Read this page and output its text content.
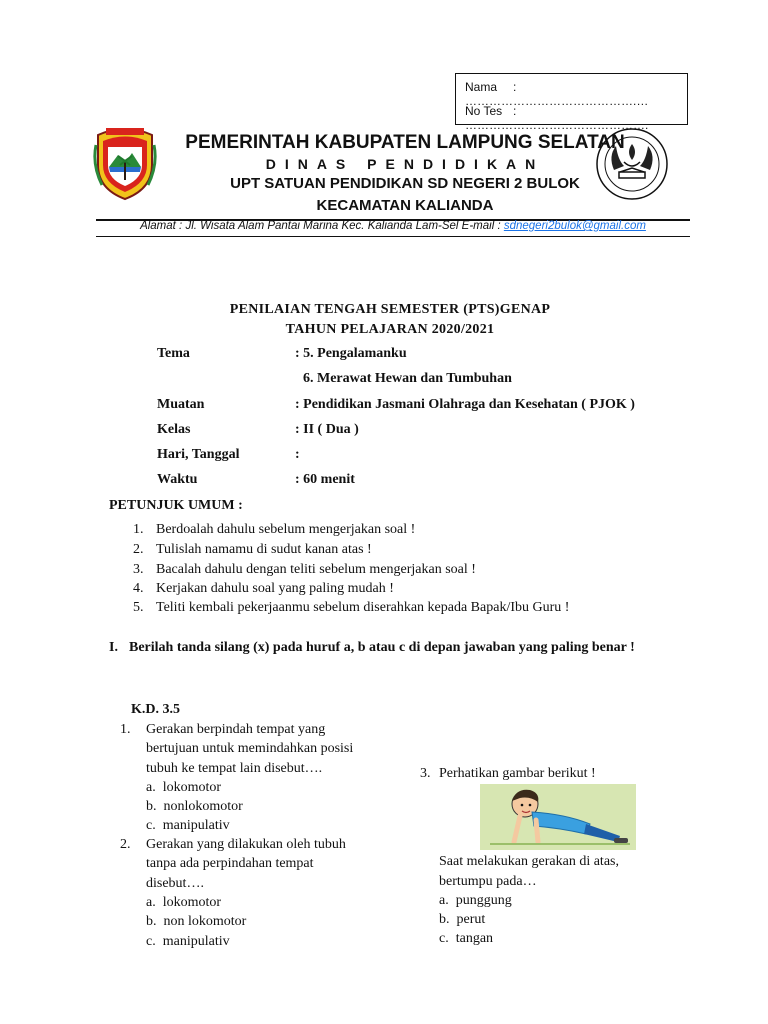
Nama : …………………………………….…
No Tes : ……………………………………….
PEMERINTAH KABUPATEN LAMPUNG SELATAN
DINAS PENDIDIKAN
UPT SATUAN PENDIDIKAN SD NEGERI 2 BULOK
KECAMATAN KALIANDA
Alamat : Jl. Wisata Alam Pantai Marina Kec. Kalianda Lam-Sel E-mail : sdnegeri2bulok@gmail.com
PENILAIAN TENGAH SEMESTER (PTS)GENAP
TAHUN PELAJARAN 2020/2021
Tema	: 5. Pengalamanku
6. Merawat Hewan dan Tumbuhan
Muatan	: Pendidikan Jasmani Olahraga dan Kesehatan ( PJOK )
Kelas	: II ( Dua )
Hari, Tanggal	:
Waktu	: 60 menit
PETUNJUK UMUM :
1. Berdoalah dahulu sebelum mengerjakan soal !
2. Tulislah namamu di sudut kanan atas !
3. Bacalah dahulu dengan teliti sebelum mengerjakan soal !
4. Kerjakan dahulu soal yang paling mudah !
5. Teliti kembali pekerjaanmu sebelum diserahkan kepada Bapak/Ibu Guru !
I. Berilah tanda silang (x) pada huruf a, b atau c di depan jawaban yang paling benar !
K.D. 3.5
1. Gerakan berpindah tempat yang
bertujuan untuk memindahkan posisi
tubuh ke tempat lain disebut….
a. lokomotor
b. nonlokomotor
c. manipulativ
2. Gerakan yang dilakukan oleh tubuh
tanpa ada perpindahan tempat
disebut….
a. lokomotor
b. non lokomotor
c. manipulativ
3. Perhatikan gambar berikut !
Saat melakukan gerakan di atas,
bertumpu pada…
a. punggung
b. perut
c. tangan
